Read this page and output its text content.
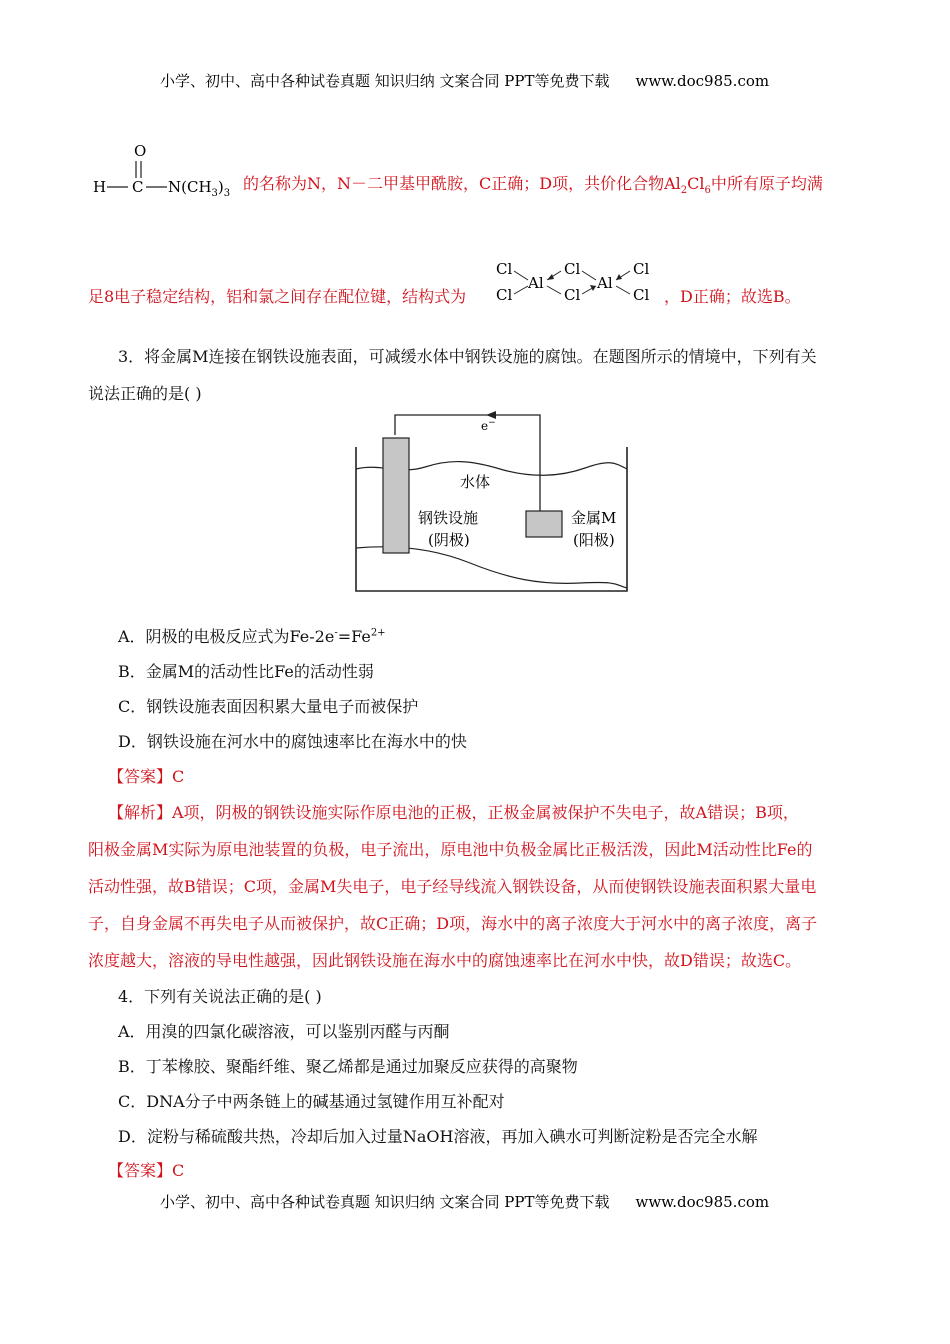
小学、初中、高中各种试卷真题 知识归纳 文案合同 PPT等免费下载 www.doc985.com
O
H C $N(CH_3)_3$
的名称为N，N－二甲基甲酰胺，C正确；D项，共价化合物$Al_2Cl_6$中所有原子均满
足8电子稳定结构，铝和氯之间存在配位键，结构式为
Cl
Cl
Al
Cl
Cl
Al
Cl
Cl ，D正确；故选B。
3．将金属M连接在钢铁设施表面，可减缓水体中钢铁设施的腐蚀。在题图所示的情境中，下列有关
说法正确的是( )
e−
水体
钢铁设施
(阴极)
金属M
(阳极)
A．阴极的电极反应式为$Fe-2e^-=Fe^{2+}$
B．金属M的活动性比Fe的活动性弱
C．钢铁设施表面因积累大量电子而被保护
D．钢铁设施在河水中的腐蚀速率比在海水中的快
【答案】C
【解析】A项，阴极的钢铁设施实际作原电池的正极，正极金属被保护不失电子，故A错误；B项，
阳极金属M实际为原电池装置的负极，电子流出，原电池中负极金属比正极活泼，因此M活动性比Fe的
活动性强，故B错误；C项，金属M失电子，电子经导线流入钢铁设备，从而使钢铁设施表面积累大量电
子，自身金属不再失电子从而被保护，故C正确；D项，海水中的离子浓度大于河水中的离子浓度，离子
浓度越大，溶液的导电性越强，因此钢铁设施在海水中的腐蚀速率比在河水中快，故D错误；故选C。
4．下列有关说法正确的是( )
A．用溴的四氯化碳溶液，可以鉴别丙醛与丙酮
B．丁苯橡胶、聚酯纤维、聚乙烯都是通过加聚反应获得的高聚物
C．DNA分子中两条链上的碱基通过氢键作用互补配对
D．淀粉与稀硫酸共热，冷却后加入过量NaOH溶液，再加入碘水可判断淀粉是否完全水解
【答案】C
小学、初中、高中各种试卷真题 知识归纳 文案合同 PPT等免费下载 www.doc985.com
